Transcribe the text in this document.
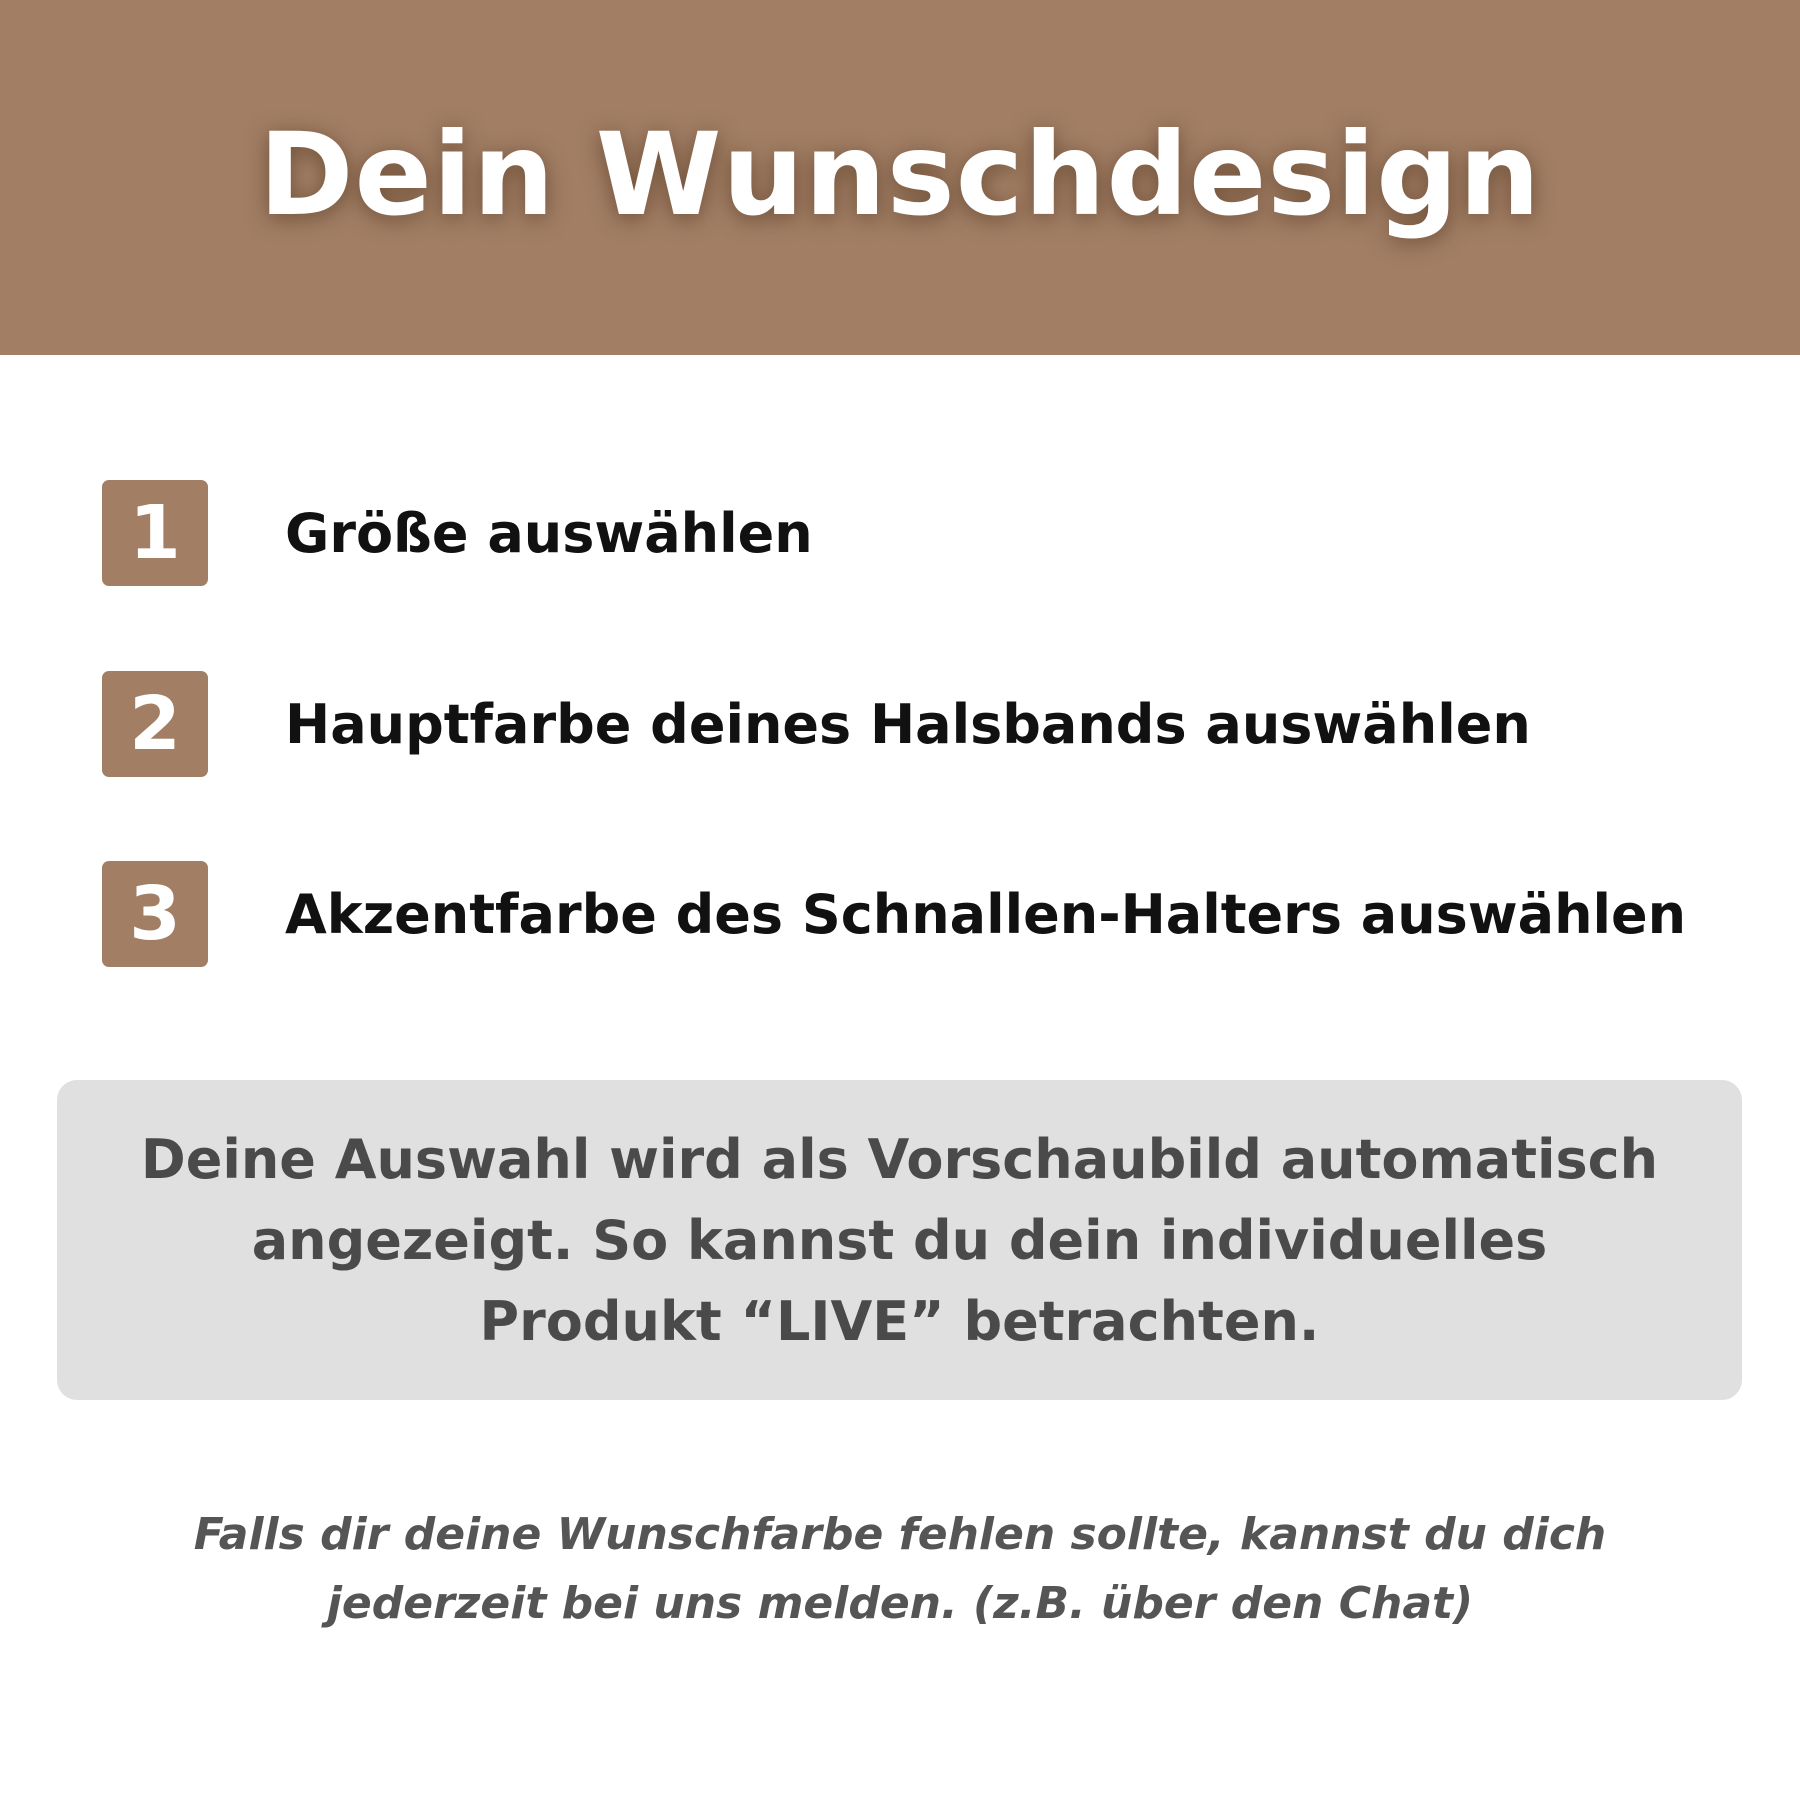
Dein Wunschdesign
1	Größe auswählen
2	Hauptfarbe deines Halsbands auswählen
3	Akzentfarbe des Schnallen-Halters auswählen

Deine Auswahl wird als Vorschaubild automatisch angezeigt. So kannst du dein individuelles Produkt “LIVE” betrachten.

Falls dir deine Wunschfarbe fehlen sollte, kannst du dich jederzeit bei uns melden. (z.B. über den Chat)
